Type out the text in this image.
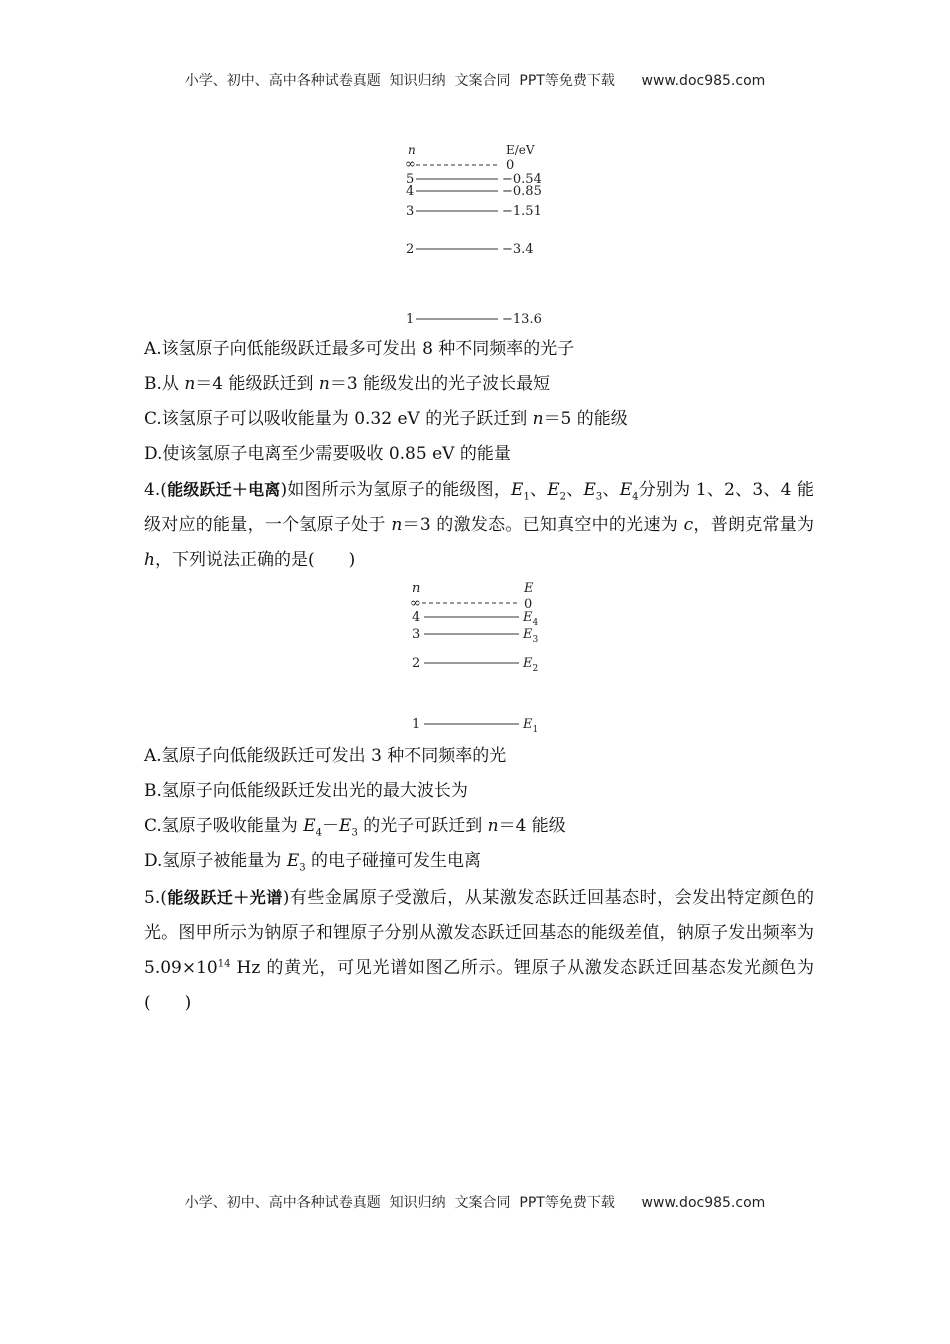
小学、初中、高中各种试卷真题  知识归纳  文案合同  PPT等免费下载      www.doc985.com
n	E/eV
∞	0
5	−0.54
4	−0.85
3	−1.51
2	−3.4
1	−13.6
A.该氢原子向低能级跃迁最多可发出 8 种不同频率的光子
B.从 n＝4 能级跃迁到 n＝3 能级发出的光子波长最短
C.该氢原子可以吸收能量为 0.32 eV 的光子跃迁到 n＝5 的能级
D.使该氢原子电离至少需要吸收 0.85 eV 的能量

4.(能级跃迁＋电离)如图所示为氢原子的能级图，$E_1$、$E_2$、$E_3$、$E_4$分别为 1、2、3、4 能级对应的能量，一个氢原子处于 n＝3 的激发态。已知真空中的光速为 c，普朗克常量为 h，下列说法正确的是(　　)

n	E
∞	0
4	$E_4$
3	$E_3$
2	$E_2$
1	$E_1$
A.氢原子向低能级跃迁可发出 3 种不同频率的光
B.氢原子向低能级跃迁发出光的最大波长为
C.氢原子吸收能量为 $E_4-E_3$ 的光子可跃迁到 n＝4 能级
D.氢原子被能量为 $E_3$ 的电子碰撞可发生电离

5.(能级跃迁＋光谱)有些金属原子受激后，从某激发态跃迁回基态时，会发出特定颜色的光。图甲所示为钠原子和锂原子分别从激发态跃迁回基态的能级差值，钠原子发出频率为 $5.09\times 10^{14}$ Hz 的黄光，可见光谱如图乙所示。锂原子从激发态跃迁回基态发光颜色为(　　)

小学、初中、高中各种试卷真题  知识归纳  文案合同  PPT等免费下载      www.doc985.com
